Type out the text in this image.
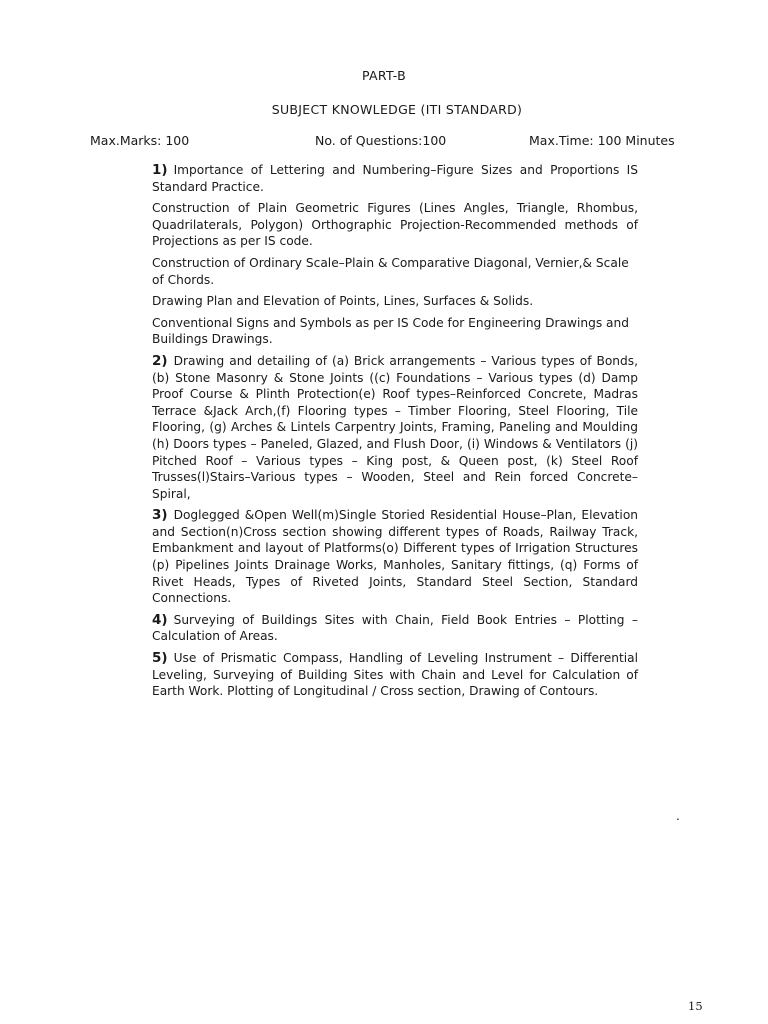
PART-B
SUBJECT KNOWLEDGE (ITI STANDARD)
Max.Marks: 100	No. of Questions:100	Max.Time: 100 Minutes

1) Importance of Lettering and Numbering–Figure Sizes and Proportions IS Standard Practice.

Construction of Plain Geometric Figures (Lines Angles, Triangle, Rhombus, Quadrilaterals, Polygon) Orthographic Projection-Recommended methods of Projections as per IS code.

Construction of Ordinary Scale–Plain & Comparative Diagonal, Vernier,& Scale of Chords.

Drawing Plan and Elevation of Points, Lines, Surfaces & Solids.

Conventional Signs and Symbols as per IS Code for Engineering Drawings and Buildings Drawings.

2) Drawing and detailing of (a) Brick arrangements – Various types of Bonds, (b) Stone Masonry & Stone Joints ((c) Foundations – Various types (d) Damp Proof Course & Plinth Protection(e) Roof types–Reinforced Concrete, Madras Terrace &Jack Arch,(f) Flooring types – Timber Flooring, Steel Flooring, Tile Flooring, (g) Arches & Lintels Carpentry Joints, Framing, Paneling and Moulding (h) Doors types – Paneled, Glazed, and Flush Door, (i) Windows & Ventilators (j) Pitched Roof – Various types – King post, & Queen post, (k) Steel Roof Trusses(l)Stairs–Various types – Wooden, Steel and Rein forced Concrete– Spiral,

3) Doglegged &Open Well(m)Single Storied Residential House–Plan, Elevation and Section(n)Cross section showing different types of Roads, Railway Track, Embankment and layout of Platforms(o) Different types of Irrigation Structures (p) Pipelines Joints Drainage Works, Manholes, Sanitary fittings, (q) Forms of Rivet Heads, Types of Riveted Joints, Standard Steel Section, Standard Connections.

4) Surveying of Buildings Sites with Chain, Field Book Entries – Plotting – Calculation of Areas.

5) Use of Prismatic Compass, Handling of Leveling Instrument – Differential Leveling, Surveying of Building Sites with Chain and Level for Calculation of Earth Work. Plotting of Longitudinal / Cross section, Drawing of Contours.

.
15
